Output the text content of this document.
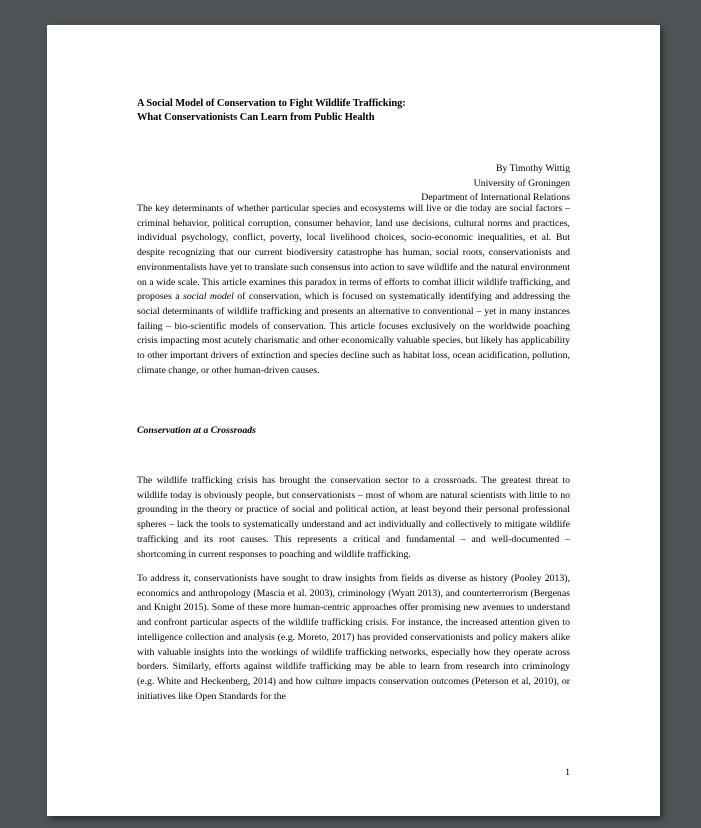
A Social Model of Conservation to Fight Wildlife Trafficking:
What Conservationists Can Learn from Public Health
By Timothy Wittig
University of Groningen
Department of International Relations
The key determinants of whether particular species and ecosystems will live or die today are social factors – criminal behavior, political corruption, consumer behavior, land use decisions, cultural norms and practices, individual psychology, conflict, poverty, local livelihood choices, socio-economic inequalities, et al. But despite recognizing that our current biodiversity catastrophe has human, social roots, conservationists and environmentalists have yet to translate such consensus into action to save wildlife and the natural environment on a wide scale. This article examines this paradox in terms of efforts to combat illicit wildlife trafficking, and proposes a social model of conservation, which is focused on systematically identifying and addressing the social determinants of wildlife trafficking and presents an alternative to conventional – yet in many instances failing – bio-scientific models of conservation. This article focuses exclusively on the worldwide poaching crisis impacting most acutely charismatic and other economically valuable species, but likely has applicability to other important drivers of extinction and species decline such as habitat loss, ocean acidification, pollution, climate change, or other human-driven causes.
Conservation at a Crossroads
The wildlife trafficking crisis has brought the conservation sector to a crossroads. The greatest threat to wildlife today is obviously people, but conservationists – most of whom are natural scientists with little to no grounding in the theory or practice of social and political action, at least beyond their personal professional spheres – lack the tools to systematically understand and act individually and collectively to mitigate wildlife trafficking and its root causes. This represents a critical and fundamental – and well-documented – shortcoming in current responses to poaching and wildlife trafficking.
To address it, conservationists have sought to draw insights from fields as diverse as history (Pooley 2013), economics and anthropology (Mascia et al. 2003), criminology (Wyatt 2013), and counterterrorism (Bergenas and Knight 2015). Some of these more human-centric approaches offer promising new avenues to understand and confront particular aspects of the wildlife trafficking crisis. For instance, the increased attention given to intelligence collection and analysis (e.g. Moreto, 2017) has provided conservationists and policy makers alike with valuable insights into the workings of wildlife trafficking networks, especially how they operate across borders. Similarly, efforts against wildlife trafficking may be able to learn from research into criminology (e.g. White and Heckenberg, 2014) and how culture impacts conservation outcomes (Peterson et al, 2010), or initiatives like Open Standards for the
1
